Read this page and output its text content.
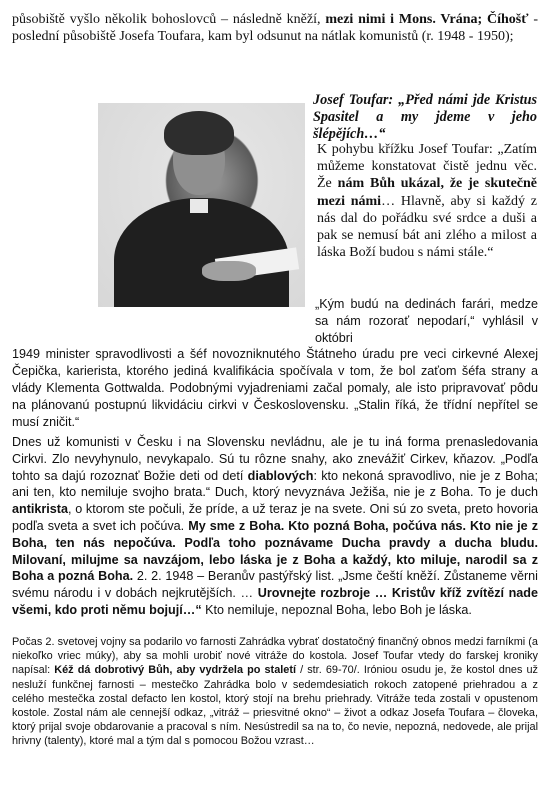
působiště vyšlo několik bohoslovců – následně kněží, mezi nimi i Mons. Vrána; Číhošť - poslední působiště Josefa Toufara, kam byl odsunut na nátlak komunistů (r. 1948 - 1950);
Josef Toufar: „Před námi jde Kristus Spasitel a my jdeme v jeho šlépějích…“
K pohybu křížku Josef Toufar: „Zatím můžeme konstatovat čistě jednu věc. Že nám Bůh ukázal, že je skutečně mezi námi… Hlavně, aby si každý z nás dal do pořádku své srdce a duši a pak se nemusí bát ani zlého a milost a láska Boží budou s námi stále.“
„Kým budú na dedinách farári, medze sa nám rozorať nepodarí,“ vyhlásil v októbri
1949 minister spravodlivosti a šéf novozniknutého Štátneho úradu pre veci cirkevné Alexej Čepička, karierista, ktorého jediná kvalifikácia spočívala v tom, že bol zaťom šéfa strany a vlády Klementa Gottwalda. Podobnými vyjadreniami začal pomaly, ale isto pripravovať pôdu na plánovanú postupnú likvidáciu cirkvi v Československu. „Stalin říká, že třídní nepřítel se musí zničit.“
Dnes už komunisti v Česku i na Slovensku nevládnu, ale je tu iná forma prenasledovania Cirkvi. Zlo nevyhynulo, nevykapalo. Sú tu rôzne snahy, ako znevážiť Cirkev, kňazov. „Podľa tohto sa dajú rozoznať Božie deti od detí diablových: kto nekoná spravodlivo, nie je z Boha; ani ten, kto nemiluje svojho brata.“ Duch, ktorý nevyznáva Ježiša, nie je z Boha. To je duch antikrista, o ktorom ste počuli, že príde, a už teraz je na svete. Oni sú zo sveta, preto hovoria podľa sveta a svet ich počúva. My sme z Boha. Kto pozná Boha, počúva nás. Kto nie je z Boha, ten nás nepočúva. Podľa toho poznávame Ducha pravdy a ducha bludu. Milovaní, milujme sa navzájom, lebo láska je z Boha a každý, kto miluje, narodil sa z Boha a pozná Boha. 2. 2. 1948 – Beranův pastýřský list. „Jsme čeští kněží. Zůstaneme věrni svému národu i v dobách nejkrutějších. … Urovnejte rozbroje … Kristův kříž zvítězí nade všemi, kdo proti němu bojují…“ Kto nemiluje, nepoznal Boha, lebo Boh je láska.
Počas 2. svetovej vojny sa podarilo vo farnosti Zahrádka vybrať dostatočný finančný obnos medzi farníkmi (a niekoľko vriec múky), aby sa mohli urobiť nové vitráže do kostola. Josef Toufar vtedy do farskej kroniky napísal: Kéž dá dobrotivý Bůh, aby vydržela po staletí / str. 69-70/. Iróniou osudu je, že kostol dnes už nesluží funkčnej farnosti – mestečko Zahrádka bolo v sedemdesiatich rokoch zatopené priehradou a z celého mestečka zostal defacto len kostol, ktorý stojí na brehu priehrady. Vitráže teda zostali v opustenom kostole. Zostal nám ale cennejší odkaz, „vitráž – priesvitné okno“ – život a odkaz Josefa Toufara – človeka, ktorý prijal svoje obdarovanie a pracoval s ním. Nesústredil sa na to, čo nevie, nepozná, nedovede, ale prijal hrivny (talenty), ktoré mal a tým dal s pomocou Božou vzrast…
